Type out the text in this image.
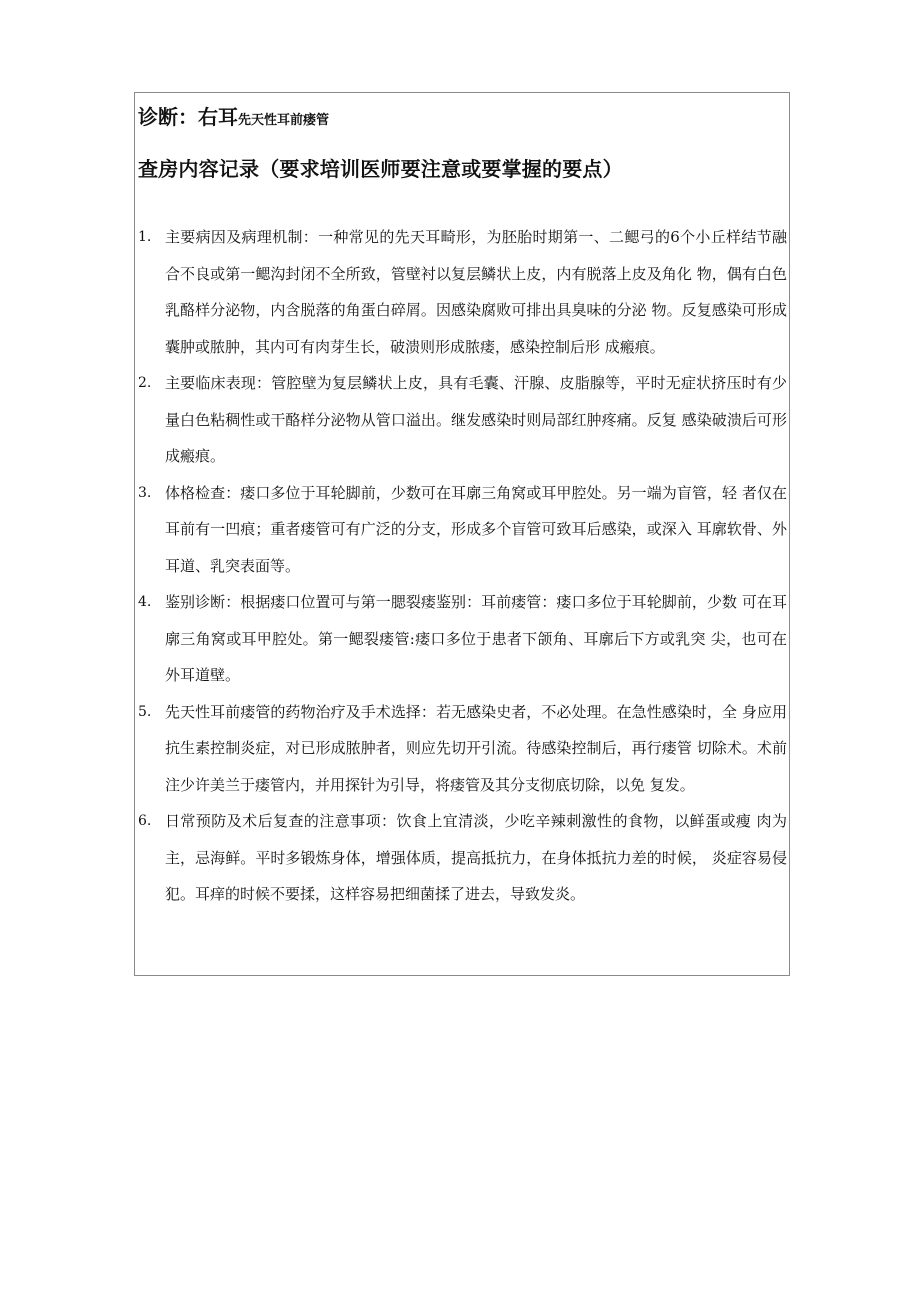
诊断：右耳先天性耳前瘘管
查房内容记录（要求培训医师要注意或要掌握的要点）
1. 主要病因及病理机制：一种常见的先天耳畸形，为胚胎时期第一、二鳃弓的6个小丘样结节融合不良或第一鳃沟封闭不全所致，管壁衬以复层鳞状上皮，内有脱落上皮及角化 物，偶有白色乳酪样分泌物，内含脱落的角蛋白碎屑。因感染腐败可排出具臭味的分泌 物。反复感染可形成囊肿或脓肿，其内可有肉芽生长，破溃则形成脓瘘，感染控制后形 成瘢痕。
2. 主要临床表现：管腔壁为复层鳞状上皮，具有毛囊、汗腺、皮脂腺等，平时无症状挤压时有少量白色粘稠性或干酪样分泌物从管口溢出。继发感染时则局部红肿疼痛。反复 感染破溃后可形成瘢痕。
3. 体格检查：瘘口多位于耳轮脚前，少数可在耳廓三角窝或耳甲腔处。另一端为盲管，轻 者仅在耳前有一凹痕；重者瘘管可有广泛的分支，形成多个盲管可致耳后感染，或深入 耳廓软骨、外耳道、乳突表面等。
4. 鉴别诊断：根据瘘口位置可与第一腮裂瘘鉴别：耳前瘘管：瘘口多位于耳轮脚前，少数 可在耳廓三角窝或耳甲腔处。第一鳃裂瘘管:瘘口多位于患者下颌角、耳廓后下方或乳突 尖，也可在外耳道壁。
5. 先天性耳前瘘管的药物治疗及手术选择：若无感染史者，不必处理。在急性感染时，全 身应用抗生素控制炎症，对已形成脓肿者，则应先切开引流。待感染控制后，再行瘘管 切除术。术前注少许美兰于瘘管内，并用探针为引导，将瘘管及其分支彻底切除，以免 复发。
6. 日常预防及术后复查的注意事项：饮食上宜清淡，少吃辛辣刺激性的食物，以鲜蛋或瘦 肉为主，忌海鲜。平时多锻炼身体，增强体质，提高抵抗力，在身体抵抗力差的时候， 炎症容易侵犯。耳痒的时候不要揉，这样容易把细菌揉了进去，导致发炎。
